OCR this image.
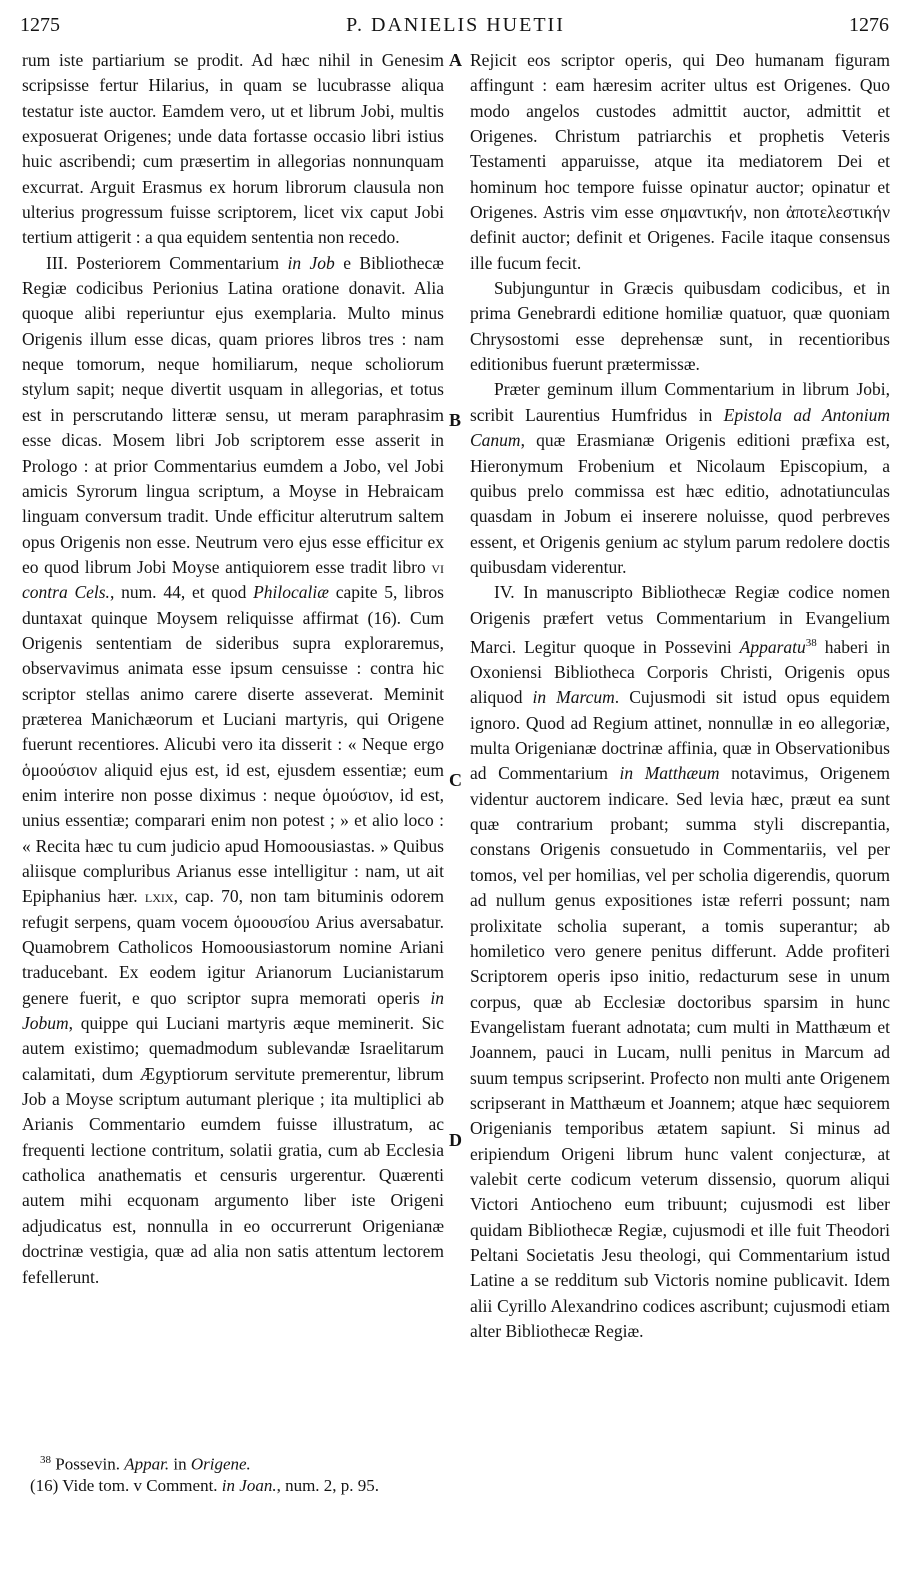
1275	P. DANIELIS HUETII	1276
A
B
C
D

rum iste partiarium se prodit. Ad hæc nihil in Genesim scripsisse fertur Hilarius, in quam se lucubrasse aliqua testatur iste auctor. Eamdem vero, ut et librum Jobi, multis exposuerat Origenes; unde data fortasse occasio libri istius huic ascribendi; cum præsertim in allegorias nonnunquam excurrat. Arguit Erasmus ex horum librorum clausula non ulterius progressum fuisse scriptorem, licet vix caput Jobi tertium attigerit : a qua equidem sententia non recedo.

III. Posteriorem Commentarium in Job e Bibliothecæ Regiæ codicibus Perionius Latina oratione donavit. Alia quoque alibi reperiuntur ejus exemplaria. Multo minus Origenis illum esse dicas, quam priores libros tres : nam neque tomorum, neque homiliarum, neque scholiorum stylum sapit; neque divertit usquam in allegorias, et totus est in perscrutando litteræ sensu, ut meram paraphrasim esse dicas. Mosem libri Job scriptorem esse asserit in Prologo : at prior Commentarius eumdem a Jobo, vel Jobi amicis Syrorum lingua scriptum, a Moyse in Hebraicam linguam conversum tradit. Unde efficitur alterutrum saltem opus Origenis non esse. Neutrum vero ejus esse efficitur ex eo quod librum Jobi Moyse antiquiorem esse tradit libro vi contra Cels., num. 44, et quod Philocaliæ capite 5, libros duntaxat quinque Moysem reliquisse affirmat (16). Cum Origenis sententiam de sideribus supra exploraremus, observavimus animata esse ipsum censuisse : contra hic scriptor stellas animo carere diserte asseverat. Meminit præterea Manichæorum et Luciani martyris, qui Origene fuerunt recentiores. Alicubi vero ita disserit : « Neque ergo ὁμοούσιον aliquid ejus est, id est, ejusdem essentiæ; eum enim interire non posse diximus : neque ὁμούσιον, id est, unius essentiæ; comparari enim non potest ; » et alio loco : « Recita hæc tu cum judicio apud Homoousiastas. » Quibus aliisque compluribus Arianus esse intelligitur : nam, ut ait Epiphanius hær. lxix, cap. 70, non tam bituminis odorem refugit serpens, quam vocem ὁμοουσίου Arius aversabatur. Quamobrem Catholicos Homoousiastorum nomine Ariani traducebant. Ex eodem igitur Arianorum Lucianistarum genere fuerit, e quo scriptor supra memorati operis in Jobum, quippe qui Luciani martyris æque meminerit. Sic autem existimo; quemadmodum sublevandæ Israelitarum calamitati, dum Ægyptiorum servitute premerentur, librum Job a Moyse scriptum autumant plerique ; ita multiplici ab Arianis Commentario eumdem fuisse illustratum, ac frequenti lectione contritum, solatii gratia, cum ab Ecclesia catholica anathematis et censuris urgerentur. Quærenti autem mihi ecquonam argumento liber iste Origeni adjudicatus est, nonnulla in eo occurrerunt Origenianæ doctrinæ vestigia, quæ ad alia non satis attentum lectorem fefellerunt.

Rejicit eos scriptor operis, qui Deo humanam figuram affingunt : eam hæresim acriter ultus est Origenes. Quo modo angelos custodes admittit auctor, admittit et Origenes. Christum patriarchis et prophetis Veteris Testamenti apparuisse, atque ita mediatorem Dei et hominum hoc tempore fuisse opinatur auctor; opinatur et Origenes. Astris vim esse σημαντικήν, non ἀποτελεστικήν definit auctor; definit et Origenes. Facile itaque consensus ille fucum fecit.

Subjunguntur in Græcis quibusdam codicibus, et in prima Genebrardi editione homiliæ quatuor, quæ quoniam Chrysostomi esse deprehensæ sunt, in recentioribus editionibus fuerunt prætermissæ.

Præter geminum illum Commentarium in librum Jobi, scribit Laurentius Humfridus in Epistola ad Antonium Canum, quæ Erasmianæ Origenis editioni præfixa est, Hieronymum Frobenium et Nicolaum Episcopium, a quibus prelo commissa est hæc editio, adnotatiunculas quasdam in Jobum ei inserere noluisse, quod perbreves essent, et Origenis genium ac stylum parum redolere doctis quibusdam viderentur.

IV. In manuscripto Bibliothecæ Regiæ codice nomen Origenis præfert vetus Commentarium in Evangelium Marci. Legitur quoque in Possevini Apparatu$^{38}$ haberi in Oxoniensi Bibliotheca Corporis Christi, Origenis opus aliquod in Marcum. Cujusmodi sit istud opus equidem ignoro. Quod ad Regium attinet, nonnullæ in eo allegoriæ, multa Origenianæ doctrinæ affinia, quæ in Observationibus ad Commentarium in Matthæum notavimus, Origenem videntur auctorem indicare. Sed levia hæc, præut ea sunt quæ contrarium probant; summa styli discrepantia, constans Origenis consuetudo in Commentariis, vel per tomos, vel per homilias, vel per scholia digerendis, quorum ad nullum genus expositiones istæ referri possunt; nam prolixitate scholia superant, a tomis superantur; ab homiletico vero genere penitus differunt. Adde profiteri Scriptorem operis ipso initio, redacturum sese in unum corpus, quæ ab Ecclesiæ doctoribus sparsim in hunc Evangelistam fuerant adnotata; cum multi in Matthæum et Joannem, pauci in Lucam, nulli penitus in Marcum ad suum tempus scripserint. Profecto non multi ante Origenem scripserant in Matthæum et Joannem; atque hæc sequiorem Origenianis temporibus ætatem sapiunt. Si minus ad eripiendum Origeni librum hunc valent conjecturæ, at valebit certe codicum veterum dissensio, quorum aliqui Victori Antiocheno eum tribuunt; cujusmodi est liber quidam Bibliothecæ Regiæ, cujusmodi et ille fuit Theodori Peltani Societatis Jesu theologi, qui Commentarium istud Latine a se redditum sub Victoris nomine publicavit. Idem alii Cyrillo Alexandrino codices ascribunt; cujusmodi etiam alter Bibliothecæ Regiæ.

$^{38}$ Possevin. Appar. in Origene.
(16) Vide tom. v Comment. in Joan., num. 2, p. 95.
